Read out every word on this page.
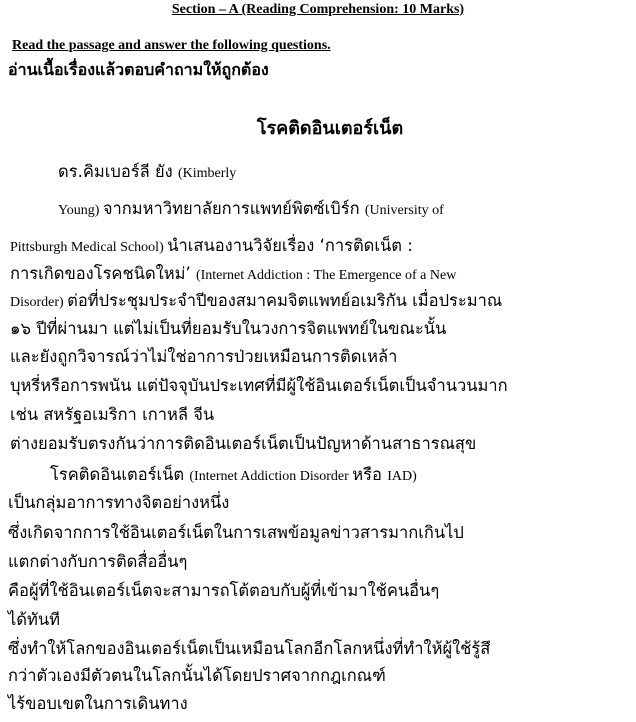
Section – A (Reading Comprehension: 10 Marks)
Read the passage and answer the following questions.
อ่านเนื้อเรื่องแล้วตอบคำถามให้ถูกต้อง
โรคติดอินเตอร์เน็ต
ดร.คิมเบอร์ลี ยัง (Kimberly
Young) จากมหาวิทยาลัยการแพทย์พิตซ์เบิร์ก (University of
Pittsburgh Medical School) นำเสนองานวิจัยเรื่อง ‘การติดเน็ต :
การเกิดของโรคชนิดใหม่’ (Internet Addiction : The Emergence of a New
Disorder) ต่อที่ประชุมประจำปีของสมาคมจิตแพทย์อเมริกัน เมื่อประมาณ
๑๖ ปีที่ผ่านมา แต่ไม่เป็นที่ยอมรับในวงการจิตแพทย์ในขณะนั้น
และยังถูกวิจารณ์ว่าไม่ใช่อาการป่วยเหมือนการติดเหล้า
บุหรี่หรือการพนัน แต่ปัจจุบันประเทศที่มีผู้ใช้อินเตอร์เน็ตเป็นจำนวนมาก
เช่น สหรัฐอเมริกา เกาหลี จีน
ต่างยอมรับตรงกันว่าการติดอินเตอร์เน็ตเป็นปัญหาด้านสาธารณสุข
โรคติดอินเตอร์เน็ต (Internet Addiction Disorder หรือ IAD)
เป็นกลุ่มอาการทางจิตอย่างหนึ่ง
ซึ่งเกิดจากการใช้อินเตอร์เน็ตในการเสพข้อมูลข่าวสารมากเกินไป
แตกต่างกับการติดสื่ออื่นๆ
คือผู้ที่ใช้อินเตอร์เน็ตจะสามารถโต้ตอบกับผู้ที่เข้ามาใช้คนอื่นๆ
ได้ทันที
ซึ่งทำให้โลกของอินเตอร์เน็ตเป็นเหมือนโลกอีกโลกหนึ่งที่ทำให้ผู้ใช้รู้สึ
กว่าตัวเองมีตัวตนในโลกนั้นได้โดยปราศจากกฎเกณฑ์
ไร้ขอบเขตในการเดินทาง
